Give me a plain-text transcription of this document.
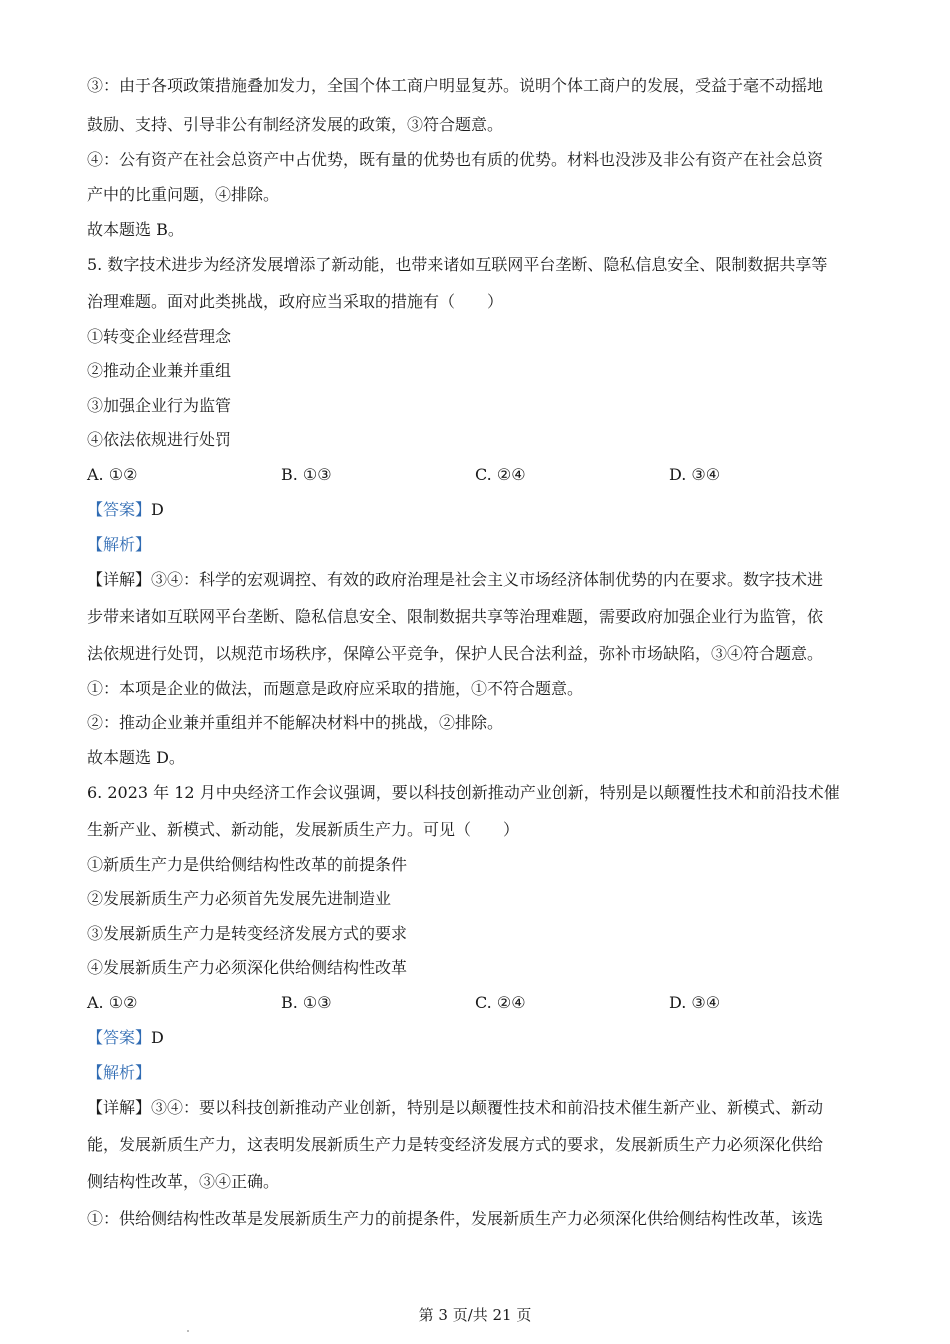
③：由于各项政策措施叠加发力，全国个体工商户明显复苏。说明个体工商户的发展，受益于毫不动摇地
鼓励、支持、引导非公有制经济发展的政策，③符合题意。
④：公有资产在社会总资产中占优势，既有量的优势也有质的优势。材料也没涉及非公有资产在社会总资
产中的比重问题，④排除。
故本题选 B。
5. 数字技术进步为经济发展增添了新动能，也带来诸如互联网平台垄断、隐私信息安全、限制数据共享等
治理难题。面对此类挑战，政府应当采取的措施有（　　）
①转变企业经营理念
②推动企业兼并重组
③加强企业行为监管
④依法依规进行处罚
A. ①②	B. ①③	C. ②④	D. ③④
【答案】D
【解析】
【详解】③④：科学的宏观调控、有效的政府治理是社会主义市场经济体制优势的内在要求。数字技术进
步带来诸如互联网平台垄断、隐私信息安全、限制数据共享等治理难题，需要政府加强企业行为监管，依
法依规进行处罚，以规范市场秩序，保障公平竞争，保护人民合法利益，弥补市场缺陷，③④符合题意。
①：本项是企业的做法，而题意是政府应采取的措施，①不符合题意。
②：推动企业兼并重组并不能解决材料中的挑战，②排除。
故本题选 D。
6. 2023 年 12 月中央经济工作会议强调，要以科技创新推动产业创新，特别是以颠覆性技术和前沿技术催
生新产业、新模式、新动能，发展新质生产力。可见（　　）
①新质生产力是供给侧结构性改革的前提条件
②发展新质生产力必须首先发展先进制造业
③发展新质生产力是转变经济发展方式的要求
④发展新质生产力必须深化供给侧结构性改革
A. ①②	B. ①③	C. ②④	D. ③④
【答案】D
【解析】
【详解】③④：要以科技创新推动产业创新，特别是以颠覆性技术和前沿技术催生新产业、新模式、新动
能，发展新质生产力，这表明发展新质生产力是转变经济发展方式的要求，发展新质生产力必须深化供给
侧结构性改革，③④正确。
①：供给侧结构性改革是发展新质生产力的前提条件，发展新质生产力必须深化供给侧结构性改革，该选
第 3 页/共 21 页
